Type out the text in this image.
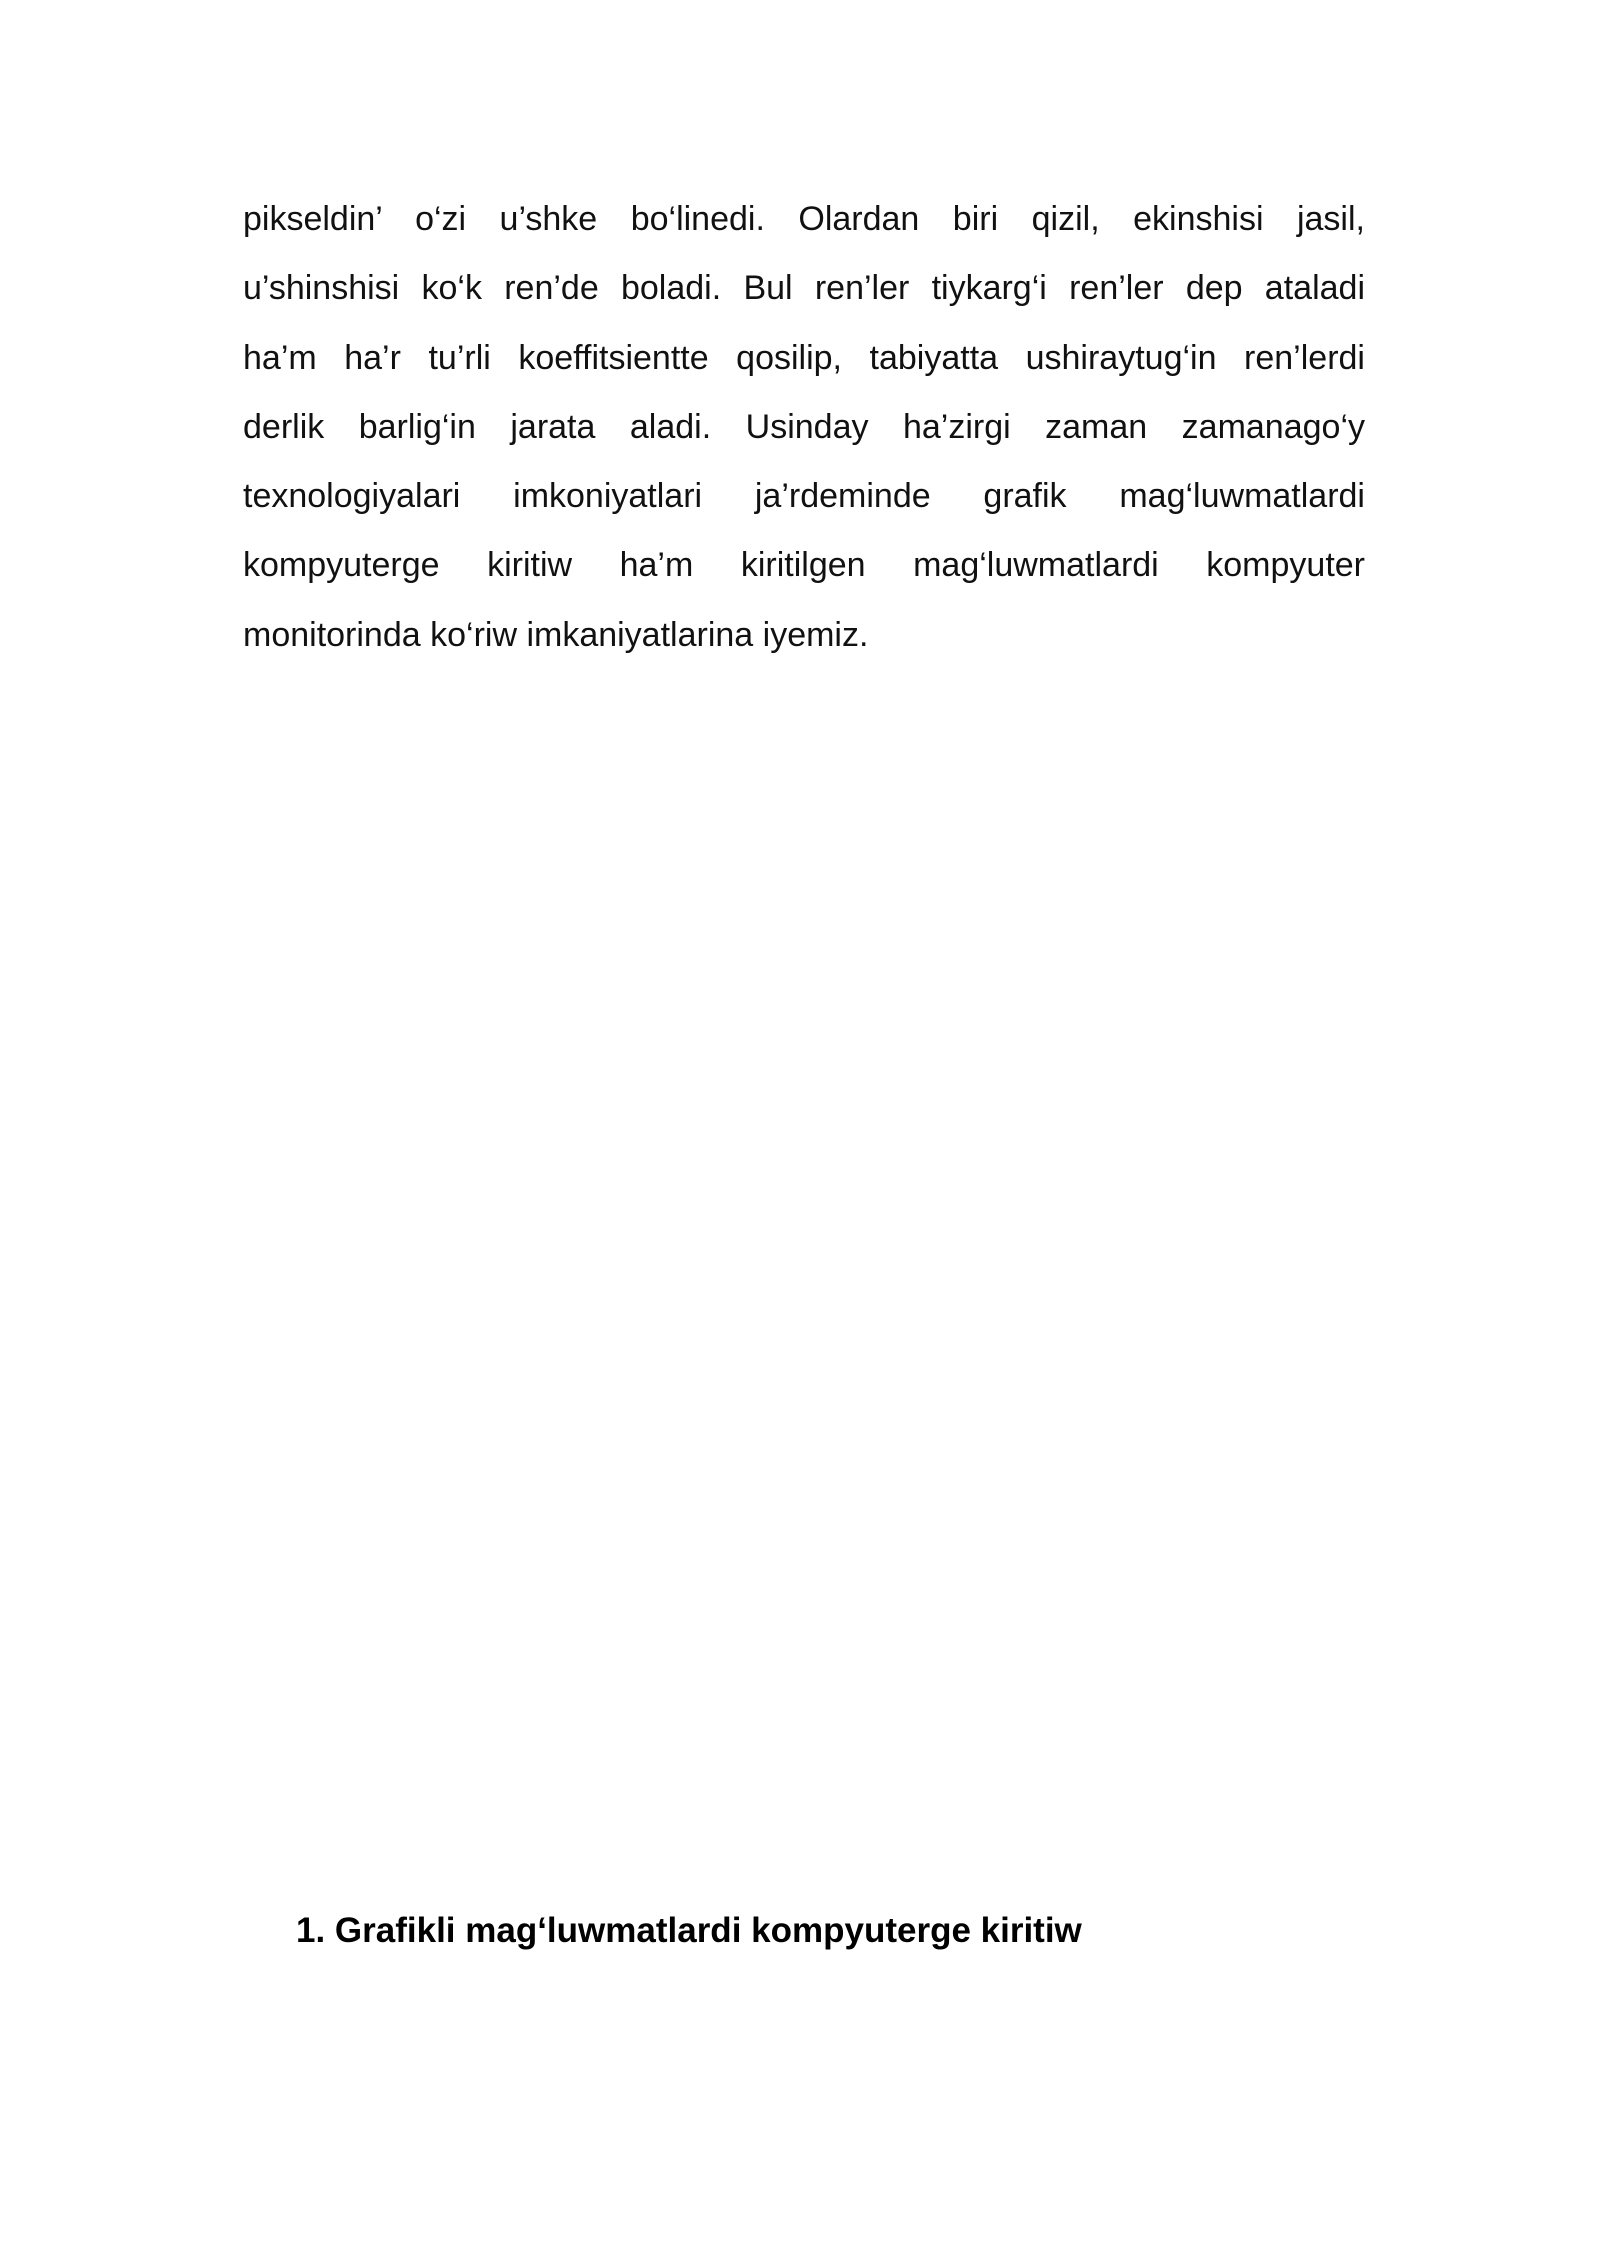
pikseldin’ o‘zi u’shke bo‘linedi. Olardan biri qizil, ekinshisi jasil,
u’shinshisi ko‘k ren’de boladi. Bul ren’ler tiykarg‘i ren’ler dep ataladi
ha’m ha’r tu’rli koeffitsientte qosilip, tabiyatta ushiraytug‘in ren’lerdi
derlik barlig‘in jarata aladi. Usinday ha’zirgi zaman zamanago‘y
texnologiyalari imkoniyatlari ja’rdeminde grafik mag‘luwmatlardi
kompyuterge kiritiw ha’m kiritilgen mag‘luwmatlardi kompyuter
monitorinda ko‘riw imkaniyatlarina iyemiz.
1. Grafikli mag‘luwmatlardi kompyuterge kiritiw
